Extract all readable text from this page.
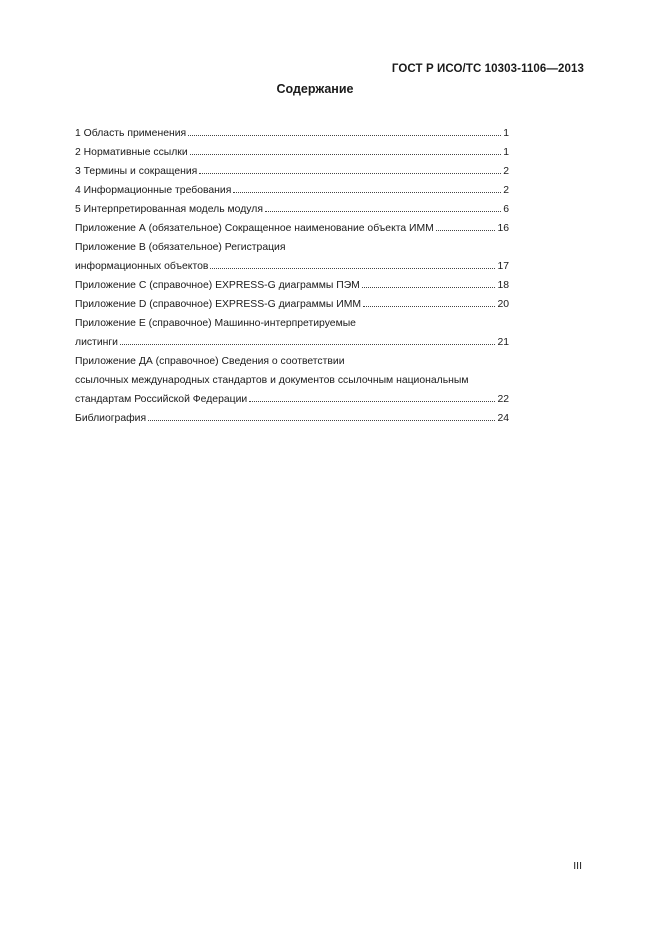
ГОСТ Р ИСО/ТС 10303-1106—2013
Содержание
1 Область применения	1
2 Нормативные ссылки	1
3 Термины и сокращения	2
4 Информационные требования	2
5 Интерпретированная модель модуля	6
Приложение А (обязательное) Сокращенное наименование объекта ИММ	16
Приложение В (обязательное) Регистрация
информационных объектов	17
Приложение С (справочное) EXPRESS-G диаграммы ПЭМ	18
Приложение D (справочное) EXPRESS-G диаграммы ИММ	20
Приложение Е (справочное) Машинно-интерпретируемые
листинги	21
Приложение ДА (справочное) Сведения о соответствии
ссылочных международных стандартов и документов ссылочным национальным
стандартам Российской Федерации	22
Библиография	24
III
